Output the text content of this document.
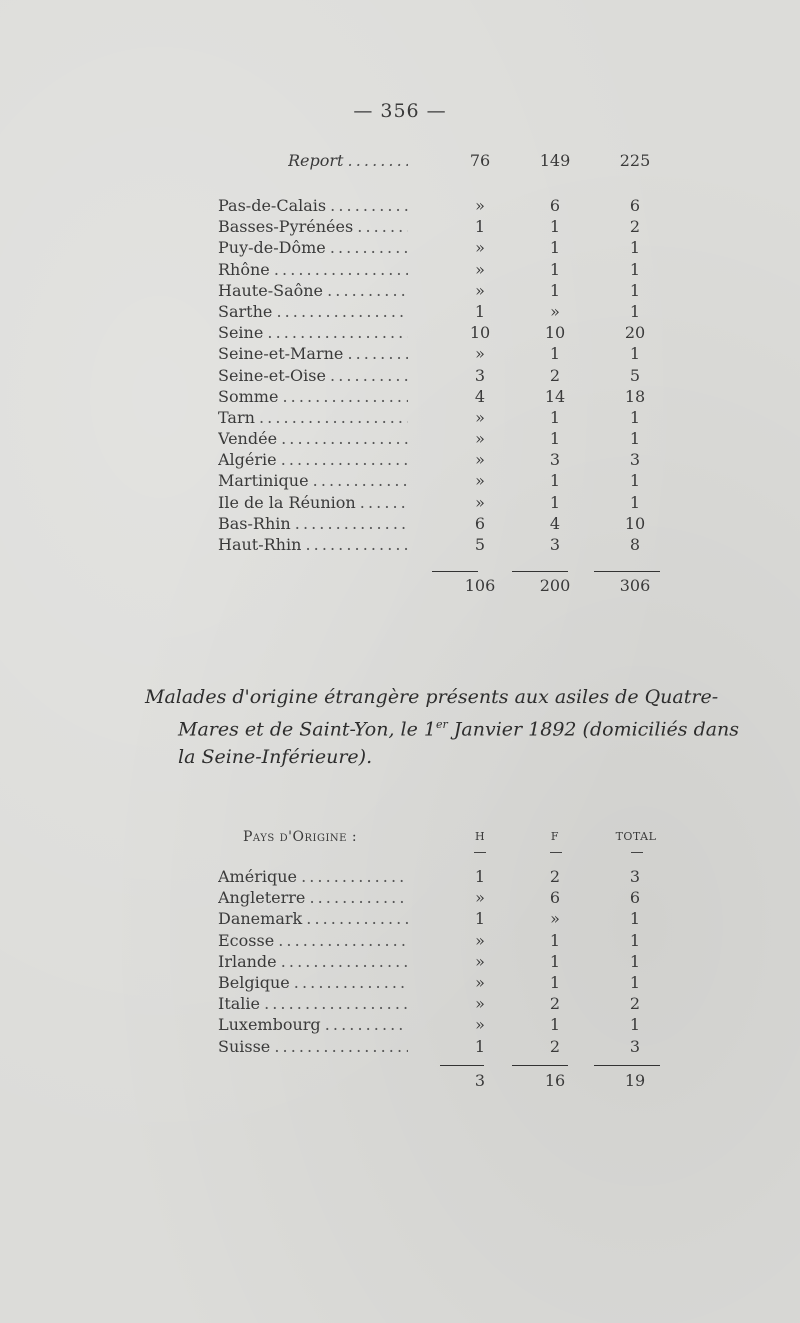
— 356 —
Report . . .	76	149	225
Pas-de-Calais . . .	»	6	6
Basses-Pyrénées . . .	1	1	2
Puy-de-Dôme . . .	»	1	1
Rhône . . .	»	1	1
Haute-Saône . . .	»	1	1
Sarthe . . .	1	»	1
Seine . . .	10	10	20
Seine-et-Marne . . .	»	1	1
Seine-et-Oise . . .	3	2	5
Somme . . .	4	14	18
Tarn . . .	»	1	1
Vendée . . .	»	1	1
Algérie . . .	»	3	3
Martinique . . .	»	1	1
Ile de la Réunion . . .	»	1	1
Bas-Rhin . . .	6	4	10
Haut-Rhin . . .	5	3	8
106	200	306
Malades d'origine étrangère présents aux asiles de Quatre-
Mares et de Saint-Yon, le 1er Janvier 1892 (domiciliés dans
la Seine-Inférieure).
Pays d'Origine :	H	F	TOTAL
Amérique . . .	1	2	3
Angleterre . . .	»	6	6
Danemark . . .	1	»	1
Ecosse . . .	»	1	1
Irlande . . .	»	1	1
Belgique . . .	»	1	1
Italie . . .	»	2	2
Luxembourg . . .	»	1	1
Suisse . . .	1	2	3
3	16	19
